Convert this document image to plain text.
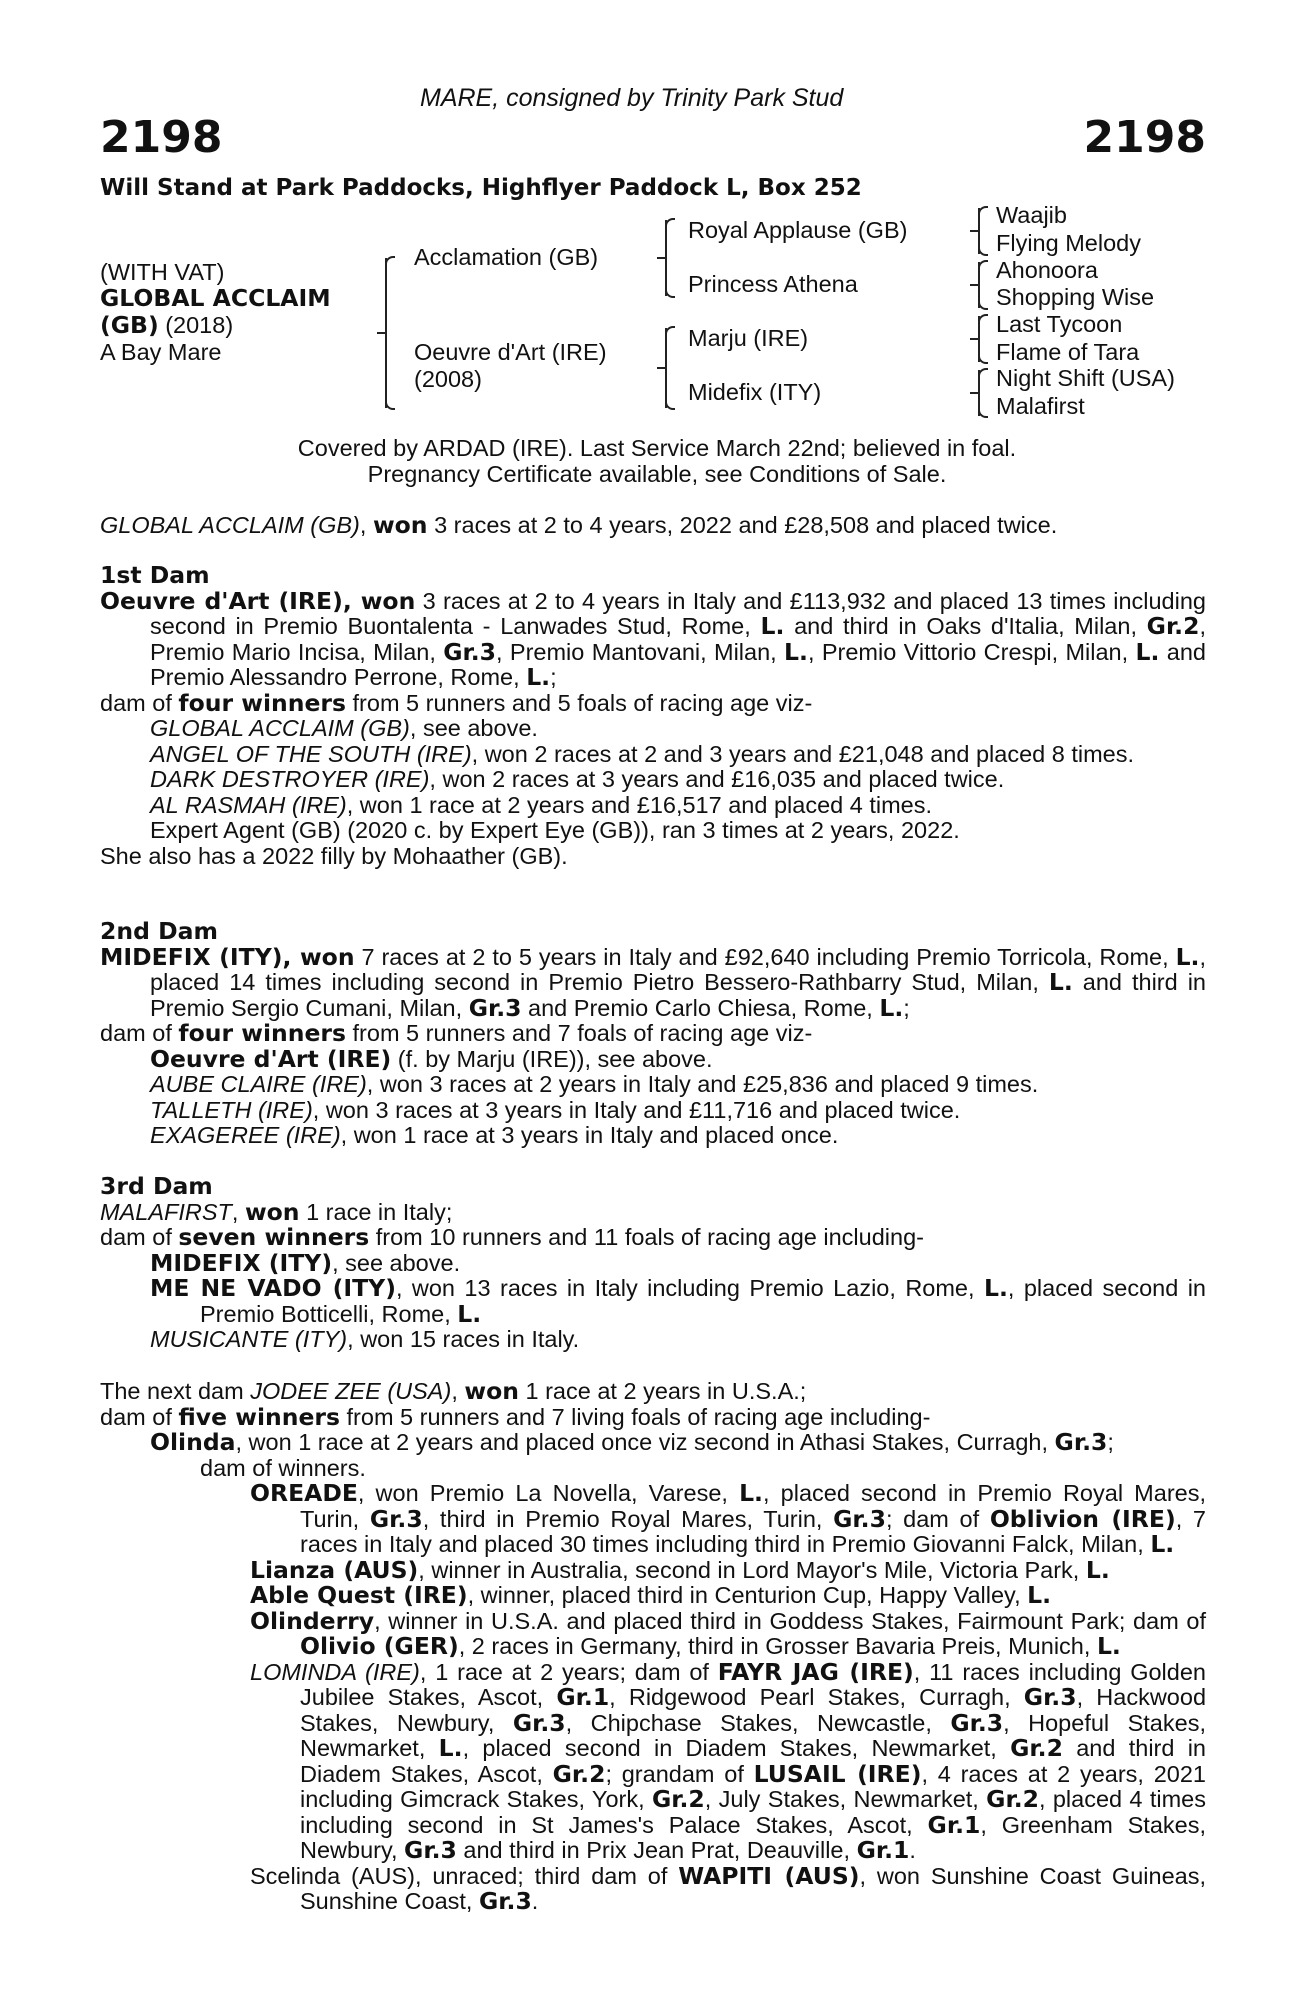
MARE, consigned by Trinity Park Stud
2198	2198
Will Stand at Park Paddocks, Highflyer Paddock L, Box 252
(WITH VAT)
GLOBAL ACCLAIM
(GB) (2018)
A Bay Mare
Acclamation (GB)
Oeuvre d'Art (IRE)
(2008)
Royal Applause (GB)
Princess Athena
Marju (IRE)
Midefix (ITY)
Waajib
Flying Melody
Ahonoora
Shopping Wise
Last Tycoon
Flame of Tara
Night Shift (USA)
Malafirst
Covered by ARDAD (IRE). Last Service March 22nd; believed in foal.
Pregnancy Certificate available, see Conditions of Sale.
GLOBAL ACCLAIM (GB), won 3 races at 2 to 4 years, 2022 and £28,508 and placed twice.

1st Dam

Oeuvre d'Art (IRE), won 3 races at 2 to 4 years in Italy and £113,932 and placed 13 times including second in Premio Buontalenta - Lanwades Stud, Rome, L. and third in Oaks d'Italia, Milan, Gr.2, Premio Mario Incisa, Milan, Gr.3, Premio Mantovani, Milan, L., Premio Vittorio Crespi, Milan, L. and Premio Alessandro Perrone, Rome, L.;

dam of four winners from 5 runners and 5 foals of racing age viz-

GLOBAL ACCLAIM (GB), see above.

ANGEL OF THE SOUTH (IRE), won 2 races at 2 and 3 years and £21,048 and placed 8 times.

DARK DESTROYER (IRE), won 2 races at 3 years and £16,035 and placed twice.

AL RASMAH (IRE), won 1 race at 2 years and £16,517 and placed 4 times.

Expert Agent (GB) (2020 c. by Expert Eye (GB)), ran 3 times at 2 years, 2022.

She also has a 2022 filly by Mohaather (GB).

2nd Dam

MIDEFIX (ITY), won 7 races at 2 to 5 years in Italy and £92,640 including Premio Torricola, Rome, L., placed 14 times including second in Premio Pietro Bessero-Rathbarry Stud, Milan, L. and third in Premio Sergio Cumani, Milan, Gr.3 and Premio Carlo Chiesa, Rome, L.;

dam of four winners from 5 runners and 7 foals of racing age viz-

Oeuvre d'Art (IRE) (f. by Marju (IRE)), see above.

AUBE CLAIRE (IRE), won 3 races at 2 years in Italy and £25,836 and placed 9 times.

TALLETH (IRE), won 3 races at 3 years in Italy and £11,716 and placed twice.

EXAGEREE (IRE), won 1 race at 3 years in Italy and placed once.

3rd Dam

MALAFIRST, won 1 race in Italy;

dam of seven winners from 10 runners and 11 foals of racing age including-

MIDEFIX (ITY), see above.

ME NE VADO (ITY), won 13 races in Italy including Premio Lazio, Rome, L., placed second in Premio Botticelli, Rome, L.

MUSICANTE (ITY), won 15 races in Italy.

The next dam JODEE ZEE (USA), won 1 race at 2 years in U.S.A.;

dam of five winners from 5 runners and 7 living foals of racing age including-

Olinda, won 1 race at 2 years and placed once viz second in Athasi Stakes, Curragh, Gr.3;
dam of winners.

OREADE, won Premio La Novella, Varese, L., placed second in Premio Royal Mares, Turin, Gr.3, third in Premio Royal Mares, Turin, Gr.3; dam of Oblivion (IRE), 7 races in Italy and placed 30 times including third in Premio Giovanni Falck, Milan, L.

Lianza (AUS), winner in Australia, second in Lord Mayor's Mile, Victoria Park, L.

Able Quest (IRE), winner, placed third in Centurion Cup, Happy Valley, L.

Olinderry, winner in U.S.A. and placed third in Goddess Stakes, Fairmount Park; dam of Olivio (GER), 2 races in Germany, third in Grosser Bavaria Preis, Munich, L.

LOMINDA (IRE), 1 race at 2 years; dam of FAYR JAG (IRE), 11 races including Golden Jubilee Stakes, Ascot, Gr.1, Ridgewood Pearl Stakes, Curragh, Gr.3, Hackwood Stakes, Newbury, Gr.3, Chipchase Stakes, Newcastle, Gr.3, Hopeful Stakes, Newmarket, L., placed second in Diadem Stakes, Newmarket, Gr.2 and third in Diadem Stakes, Ascot, Gr.2; grandam of LUSAIL (IRE), 4 races at 2 years, 2021 including Gimcrack Stakes, York, Gr.2, July Stakes, Newmarket, Gr.2, placed 4 times including second in St James's Palace Stakes, Ascot, Gr.1, Greenham Stakes, Newbury, Gr.3 and third in Prix Jean Prat, Deauville, Gr.1.

Scelinda (AUS), unraced; third dam of WAPITI (AUS), won Sunshine Coast Guineas, Sunshine Coast, Gr.3.
